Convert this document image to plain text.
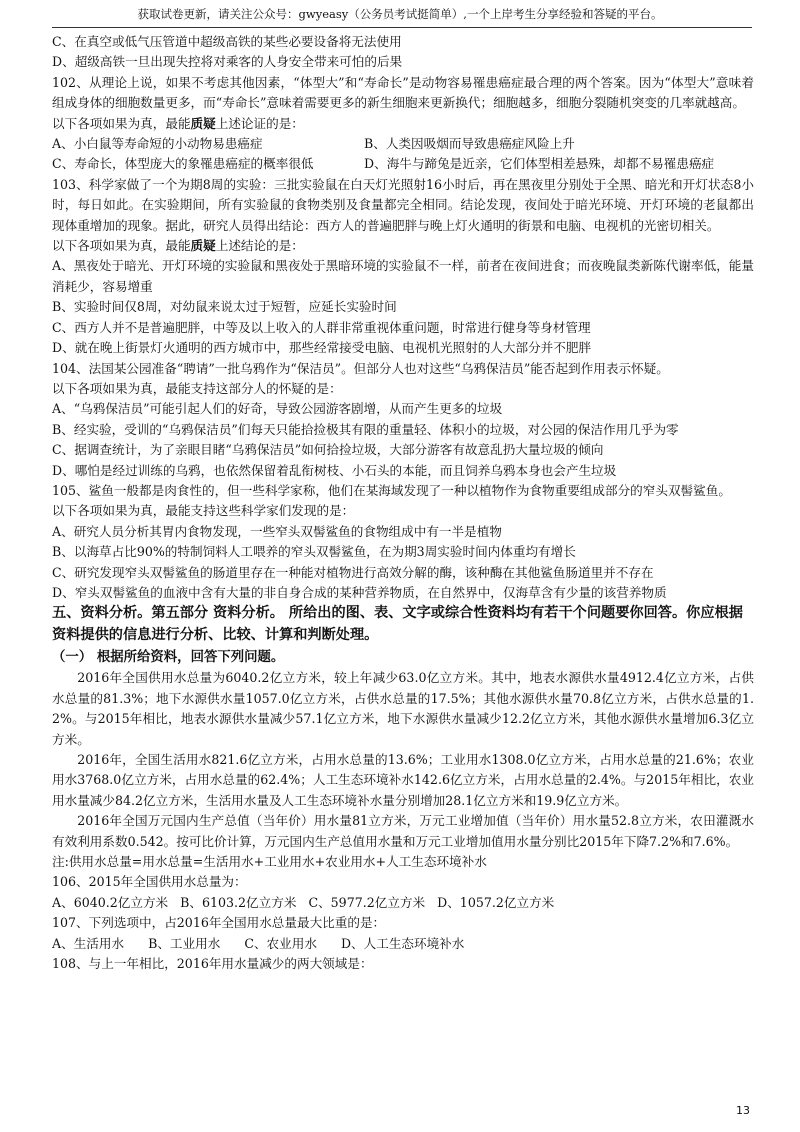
获取试卷更新，请关注公众号：gwyeasy（公务员考试挺简单）,一个上岸考生分享经验和答疑的平台。

C、在真空或低气压管道中超级高铁的某些必要设备将无法使用

D、超级高铁一旦出现失控将对乘客的人身安全带来可怕的后果

102、从理论上说，如果不考虑其他因素，“体型大”和“寿命长”是动物容易罹患癌症最合理的两个答案。因为“体型大”意味着组成身体的细胞数量更多，而“寿命长”意味着需要更多的新生细胞来更新换代；细胞越多，细胞分裂随机突变的几率就越高。

以下各项如果为真，最能质疑上述论证的是：

A、小白鼠等寿命短的小动物易患癌症	B、人类因吸烟而导致患癌症风险上升
C、寿命长，体型庞大的象罹患癌症的概率很低	D、海牛与蹄兔是近亲，它们体型相差悬殊，却都不易罹患癌症

103、科学家做了一个为期8周的实验：三批实验鼠在白天灯光照射16小时后，再在黑夜里分别处于全黑、暗光和开灯状态8小时，每日如此。在实验期间，所有实验鼠的食物类别及食量都完全相同。结论发现，夜间处于暗光环境、开灯环境的老鼠都出现体重增加的现象。据此，研究人员得出结论：西方人的普遍肥胖与晚上灯火通明的街景和电脑、电视机的光密切相关。

以下各项如果为真，最能质疑上述结论的是：

A、黑夜处于暗光、开灯环境的实验鼠和黑夜处于黑暗环境的实验鼠不一样，前者在夜间进食；而夜晚鼠类新陈代谢率低，能量消耗少，容易增重

B、实验时间仅8周，对幼鼠来说太过于短暂，应延长实验时间

C、西方人并不是普遍肥胖，中等及以上收入的人群非常重视体重问题，时常进行健身等身材管理

D、就在晚上街景灯火通明的西方城市中，那些经常接受电脑、电视机光照射的人大部分并不肥胖

104、法国某公园准备“聘请”一批乌鸦作为“保洁员”。但部分人也对这些“乌鸦保洁员”能否起到作用表示怀疑。

以下各项如果为真，最能支持这部分人的怀疑的是：

A、“乌鸦保洁员”可能引起人们的好奇，导致公园游客剧增，从而产生更多的垃圾

B、经实验，受训的“乌鸦保洁员”们每天只能拾捡极其有限的重量轻、体积小的垃圾，对公园的保洁作用几乎为零

C、据调查统计，为了亲眼目睹“乌鸦保洁员”如何拾捡垃圾，大部分游客有故意乱扔大量垃圾的倾向

D、哪怕是经过训练的乌鸦，也依然保留着乱衔树枝、小石头的本能，而且饲养乌鸦本身也会产生垃圾

105、鲨鱼一般都是肉食性的，但一些科学家称，他们在某海域发现了一种以植物作为食物重要组成部分的窄头双髻鲨鱼。

以下各项如果为真，最能支持这些科学家们发现的是：

A、研究人员分析其胃内食物发现，一些窄头双髻鲨鱼的食物组成中有一半是植物

B、以海草占比90%的特制饲料人工喂养的窄头双髻鲨鱼，在为期3周实验时间内体重均有增长

C、研究发现窄头双髻鲨鱼的肠道里存在一种能对植物进行高效分解的酶，该种酶在其他鲨鱼肠道里并不存在

D、窄头双髻鲨鱼的血液中含有大量的非自身合成的某种营养物质，在自然界中，仅海草含有少量的该营养物质

五、资料分析。第五部分 资料分析。 所给出的图、表、文字或综合性资料均有若干个问题要你回答。你应根据资料提供的信息进行分析、比较、计算和判断处理。

（一） 根据所给资料，回答下列问题。

2016年全国供用水总量为6040.2亿立方米，较上年减少63.0亿立方米。其中，地表水源供水量4912.4亿立方米，占供水总量的81.3%；地下水源供水量1057.0亿立方米，占供水总量的17.5%；其他水源供水量70.8亿立方米，占供水总量的1.2%。与2015年相比，地表水源供水量减少57.1亿立方米，地下水源供水量减少12.2亿立方米，其他水源供水量增加6.3亿立方米。

2016年，全国生活用水821.6亿立方米，占用水总量的13.6%；工业用水1308.0亿立方米，占用水总量的21.6%；农业用水3768.0亿立方米，占用水总量的62.4%；人工生态环境补水142.6亿立方米，占用水总量的2.4%。与2015年相比，农业用水量减少84.2亿立方米，生活用水量及人工生态环境补水量分别增加28.1亿立方米和19.9亿立方米。

2016年全国万元国内生产总值（当年价）用水量81立方米，万元工业增加值（当年价）用水量52.8立方米，农田灌溉水有效利用系数0.542。按可比价计算，万元国内生产总值用水量和万元工业增加值用水量分别比2015年下降7.2%和7.6%。

注:供用水总量=用水总量=生活用水+工业用水+农业用水+人工生态环境补水

106、2015年全国供用水总量为：

A、6040.2亿立方米   B、6103.2亿立方米   C、5977.2亿立方米   D、1057.2亿立方米

107、下列选项中，占2016年全国用水总量最大比重的是：

A、生活用水      B、工业用水      C、农业用水      D、人工生态环境补水

108、与上一年相比，2016年用水量减少的两大领域是：

13
